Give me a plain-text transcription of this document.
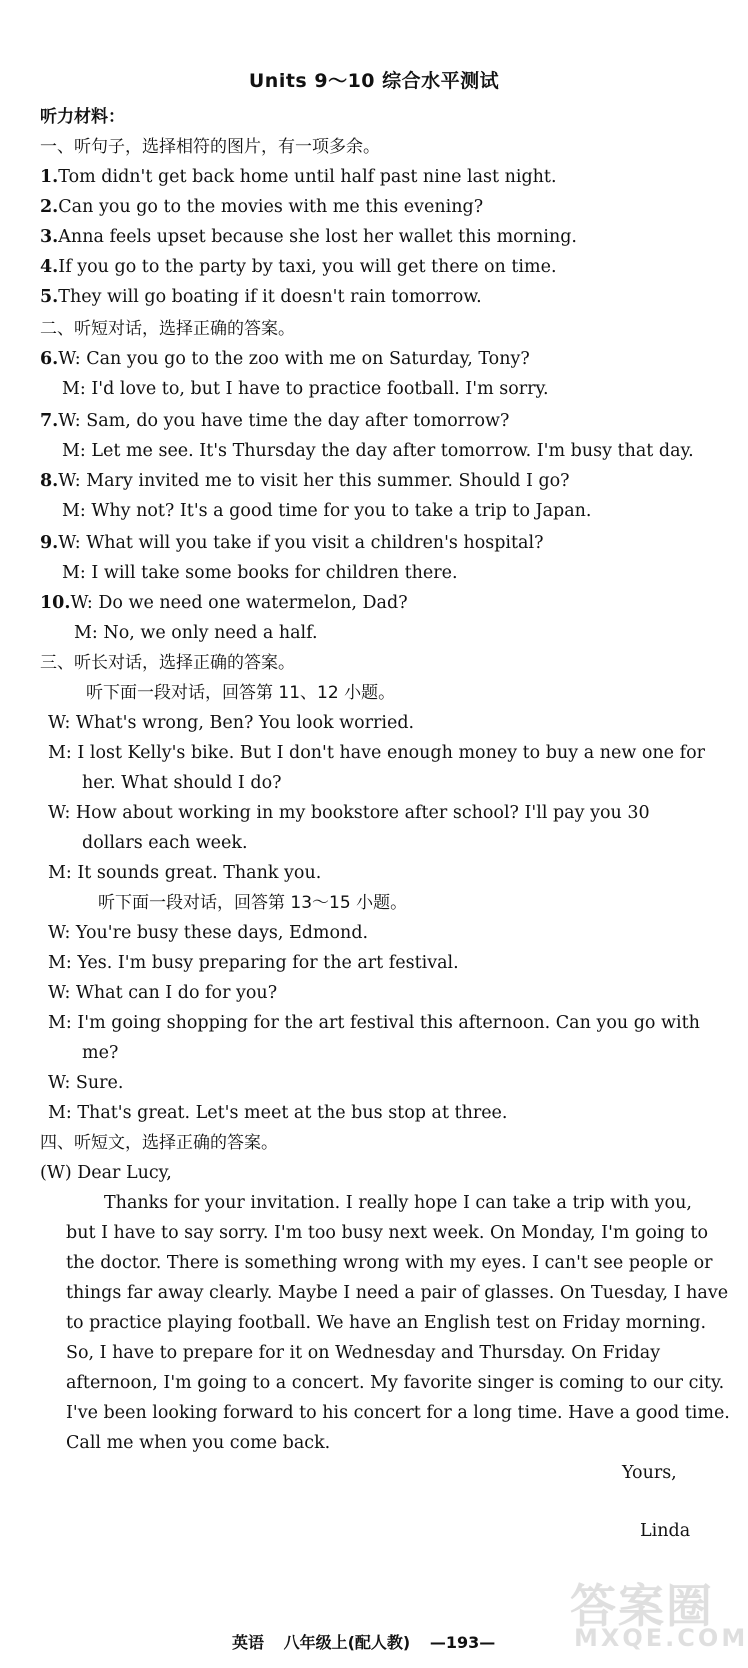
Units 9～10 综合水平测试
听力材料：
一、听句子，选择相符的图片，有一项多余。
1.Tom didn't get back home until half past nine last night.
2.Can you go to the movies with me this evening?
3.Anna feels upset because she lost her wallet this morning.
4.If you go to the party by taxi, you will get there on time.
5.They will go boating if it doesn't rain tomorrow.
二、听短对话，选择正确的答案。
6.W: Can you go to the zoo with me on Saturday, Tony?
M: I'd love to, but I have to practice football. I'm sorry.
7.W: Sam, do you have time the day after tomorrow?
M: Let me see. It's Thursday the day after tomorrow. I'm busy that day.
8.W: Mary invited me to visit her this summer. Should I go?
M: Why not? It's a good time for you to take a trip to Japan.
9.W: What will you take if you visit a children's hospital?
M: I will take some books for children there.
10.W: Do we need one watermelon, Dad?
M: No, we only need a half.
三、听长对话，选择正确的答案。
听下面一段对话，回答第 11、12 小题。
W: What's wrong, Ben? You look worried.
M: I lost Kelly's bike. But I don't have enough money to buy a new one for
her. What should I do?
W: How about working in my bookstore after school? I'll pay you 30
dollars each week.
M: It sounds great. Thank you.
听下面一段对话，回答第 13～15 小题。
W: You're busy these days, Edmond.
M: Yes. I'm busy preparing for the art festival.
W: What can I do for you?
M: I'm going shopping for the art festival this afternoon. Can you go with
me?
W: Sure.
M: That's great. Let's meet at the bus stop at three.
四、听短文，选择正确的答案。
(W) Dear Lucy,
Thanks for your invitation. I really hope I can take a trip with you,
but I have to say sorry. I'm too busy next week. On Monday, I'm going to
the doctor. There is something wrong with my eyes. I can't see people or
things far away clearly. Maybe I need a pair of glasses. On Tuesday, I have
to practice playing football. We have an English test on Friday morning.
So, I have to prepare for it on Wednesday and Thursday. On Friday
afternoon, I'm going to a concert. My favorite singer is coming to our city.
I've been looking forward to his concert for a long time. Have a good time.
Call me when you come back.
Yours,
Linda
英语 八年级上(配人教) —193—
答案圈
MXQE.COM
